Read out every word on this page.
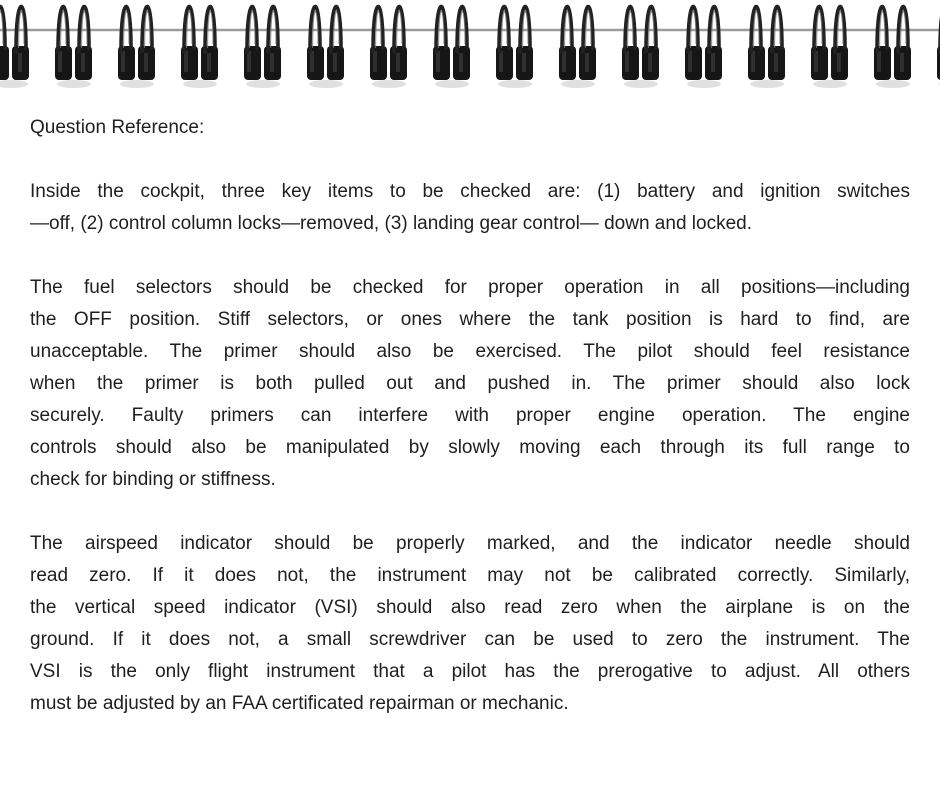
Question Reference:
Inside the cockpit, three key items to be checked are: (1) battery and ignition switches
—off, (2) control column locks—removed, (3) landing gear control— down and locked.
The fuel selectors should be checked for proper operation in all positions—including
the OFF position. Stiff selectors, or ones where the tank position is hard to find, are
unacceptable. The primer should also be exercised. The pilot should feel resistance
when the primer is both pulled out and pushed in. The primer should also lock
securely. Faulty primers can interfere with proper engine operation. The engine
controls should also be manipulated by slowly moving each through its full range to
check for binding or stiffness.
The airspeed indicator should be properly marked, and the indicator needle should
read zero. If it does not, the instrument may not be calibrated correctly. Similarly,
the vertical speed indicator (VSI) should also read zero when the airplane is on the
ground. If it does not, a small screwdriver can be used to zero the instrument. The
VSI is the only flight instrument that a pilot has the prerogative to adjust. All others
must be adjusted by an FAA certificated repairman or mechanic.
